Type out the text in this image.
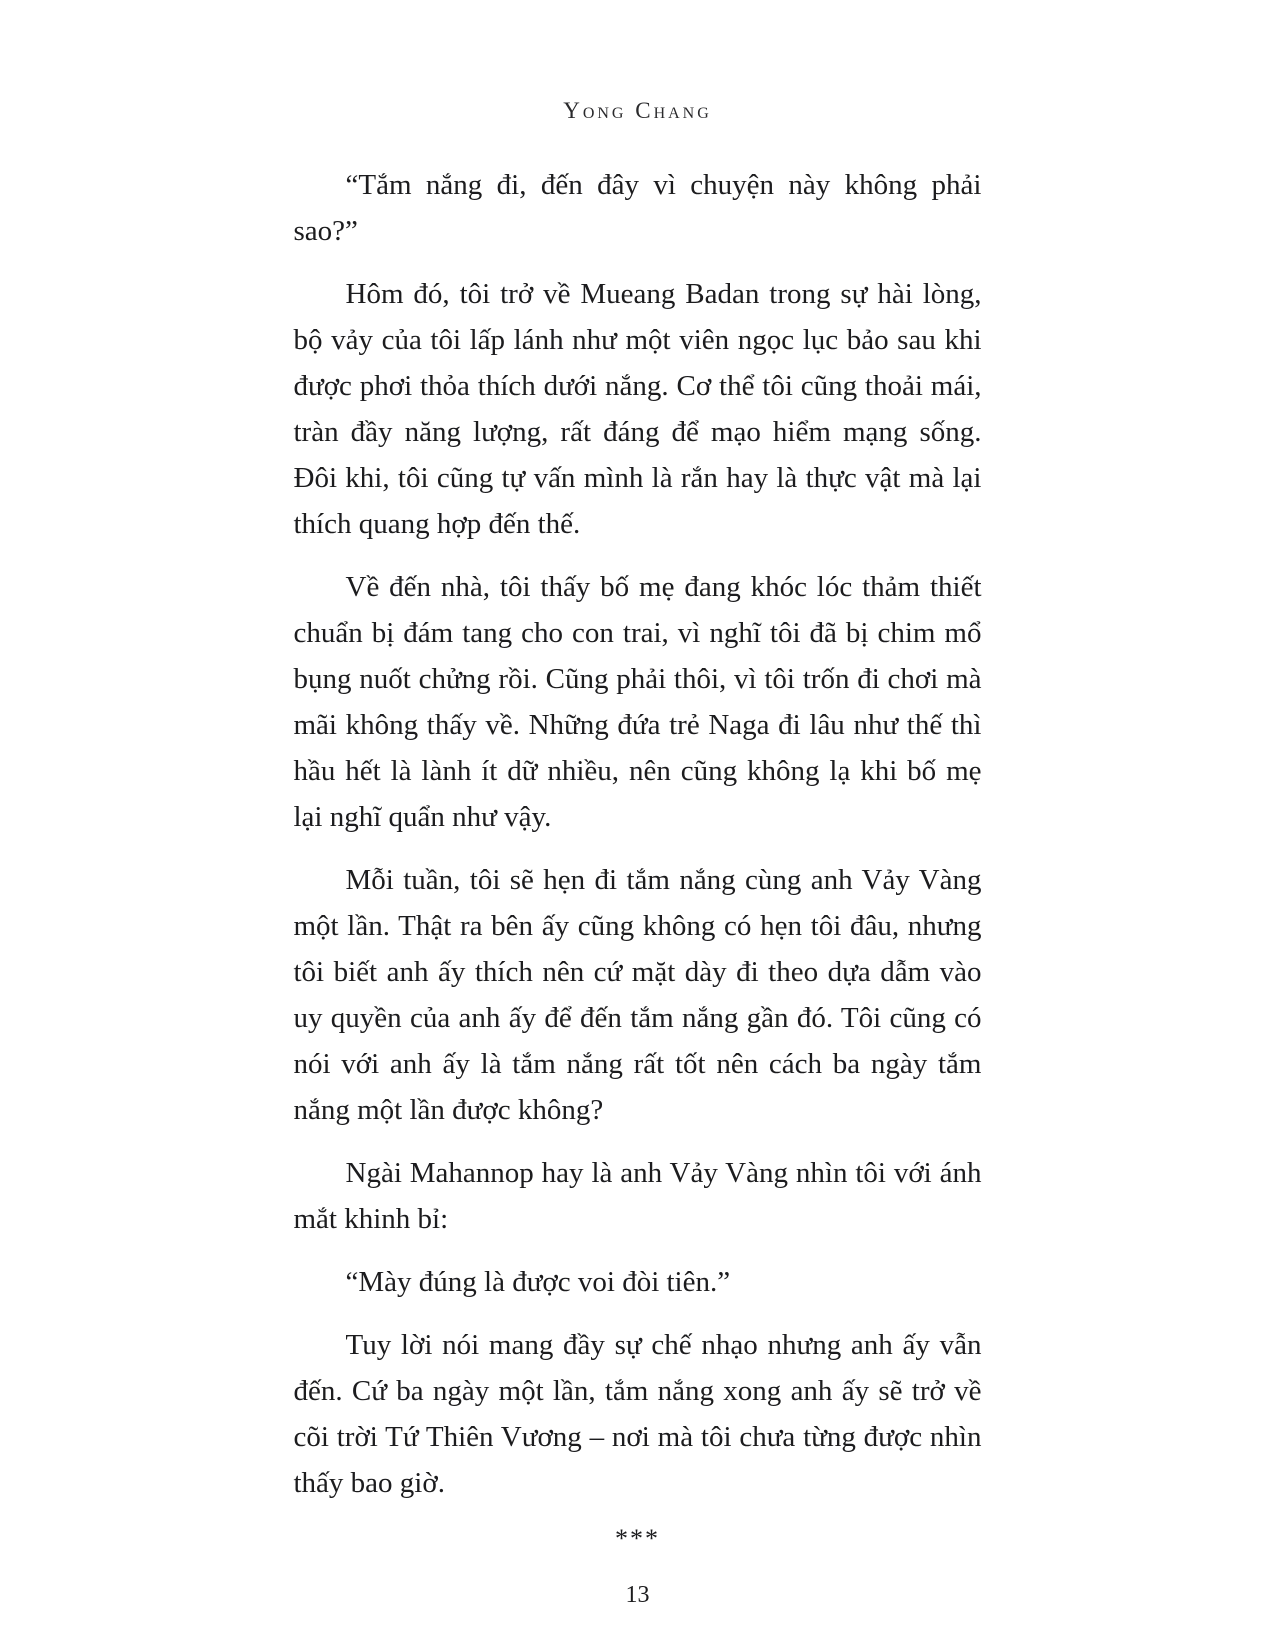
Yong Chang

“Tắm nắng đi, đến đây vì chuyện này không phải sao?”

Hôm đó, tôi trở về Mueang Badan trong sự hài lòng, bộ vảy của tôi lấp lánh như một viên ngọc lục bảo sau khi được phơi thỏa thích dưới nắng. Cơ thể tôi cũng thoải mái, tràn đầy năng lượng, rất đáng để mạo hiểm mạng sống. Đôi khi, tôi cũng tự vấn mình là rắn hay là thực vật mà lại thích quang hợp đến thế.

Về đến nhà, tôi thấy bố mẹ đang khóc lóc thảm thiết chuẩn bị đám tang cho con trai, vì nghĩ tôi đã bị chim mổ bụng nuốt chửng rồi. Cũng phải thôi, vì tôi trốn đi chơi mà mãi không thấy về. Những đứa trẻ Naga đi lâu như thế thì hầu hết là lành ít dữ nhiều, nên cũng không lạ khi bố mẹ lại nghĩ quẩn như vậy.

Mỗi tuần, tôi sẽ hẹn đi tắm nắng cùng anh Vảy Vàng một lần. Thật ra bên ấy cũng không có hẹn tôi đâu, nhưng tôi biết anh ấy thích nên cứ mặt dày đi theo dựa dẫm vào uy quyền của anh ấy để đến tắm nắng gần đó. Tôi cũng có nói với anh ấy là tắm nắng rất tốt nên cách ba ngày tắm nắng một lần được không?

Ngài Mahannop hay là anh Vảy Vàng nhìn tôi với ánh mắt khinh bỉ:

“Mày đúng là được voi đòi tiên.”

Tuy lời nói mang đầy sự chế nhạo nhưng anh ấy vẫn đến. Cứ ba ngày một lần, tắm nắng xong anh ấy sẽ trở về cõi trời Tứ Thiên Vương – nơi mà tôi chưa từng được nhìn thấy bao giờ.

***
13
